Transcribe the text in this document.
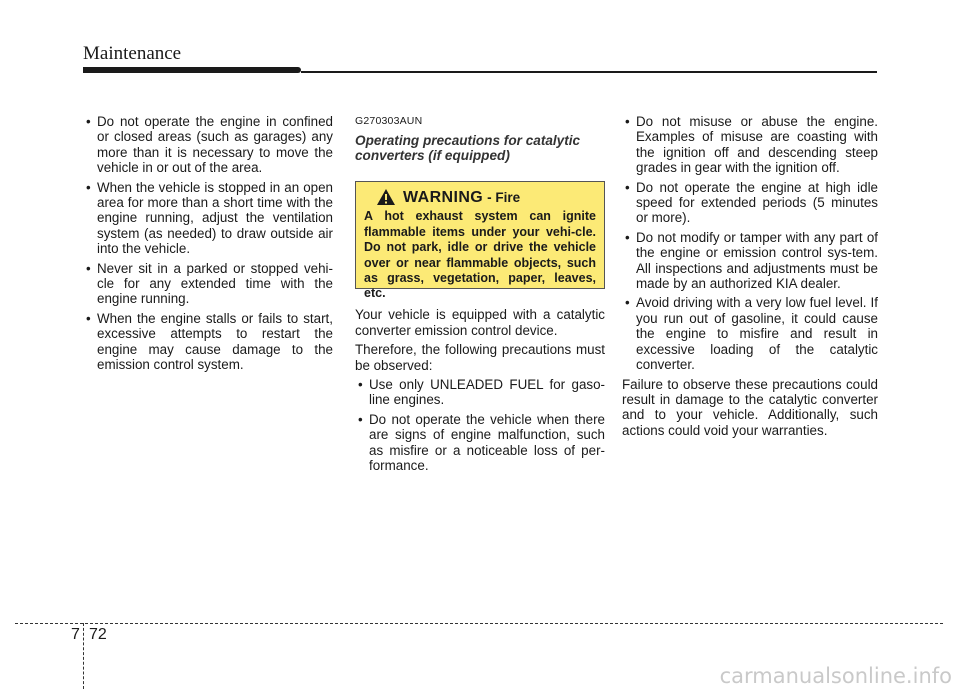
Maintenance
• Do not operate the engine in confined or closed areas (such as garages) any more than it is necessary to move the vehicle in or out of the area.
• When the vehicle is stopped in an open area for more than a short time with the engine running, adjust the ventilation system (as needed) to draw outside air into the vehicle.
• Never sit in a parked or stopped vehi-cle for any extended time with the engine running.
• When the engine stalls or fails to start, excessive attempts to restart the engine may cause damage to the emission control system.
G270303AUN
Operating precautions for catalytic converters (if equipped)
WARNING - Fire
A hot exhaust system can ignite flammable items under your vehi-cle. Do not park, idle or drive the vehicle over or near flammable objects, such as grass, vegetation, paper, leaves, etc.

Your vehicle is equipped with a catalytic converter emission control device.

Therefore, the following precautions must be observed:

• Use only UNLEADED FUEL for gaso-line engines.
• Do not operate the vehicle when there are signs of engine malfunction, such as misfire or a noticeable loss of per-formance.
• Do not misuse or abuse the engine. Examples of misuse are coasting with the ignition off and descending steep grades in gear with the ignition off.
• Do not operate the engine at high idle speed for extended periods (5 minutes or more).
• Do not modify or tamper with any part of the engine or emission control sys-tem. All inspections and adjustments must be made by an authorized KIA dealer.
• Avoid driving with a very low fuel level. If you run out of gasoline, it could cause the engine to misfire and result in excessive loading of the catalytic converter.

Failure to observe these precautions could result in damage to the catalytic converter and to your vehicle. Additionally, such actions could void your warranties.

7 72
carmanualsonline.info
